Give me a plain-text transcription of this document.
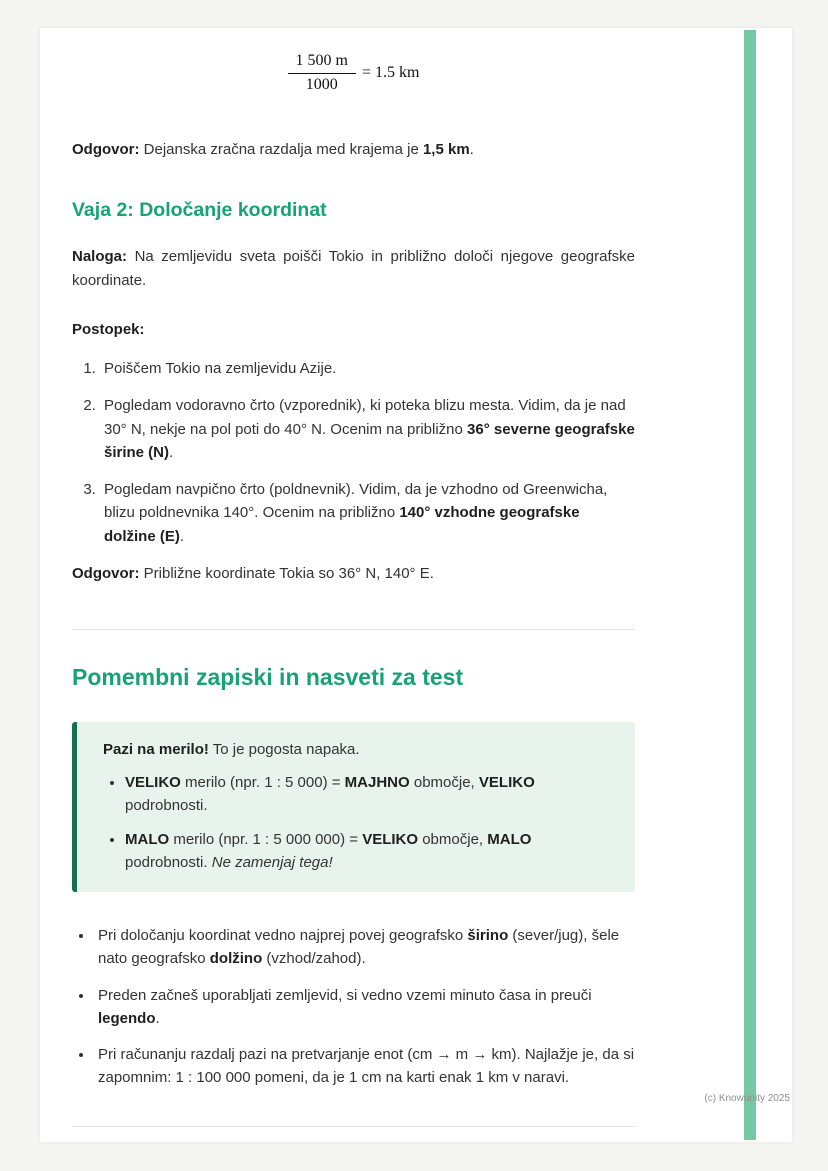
$\frac{1 500 m}{1000} = 1.5$ km

Odgovor: Dejanska zračna razdalja med krajema je 1,5 km.

Vaja 2: Določanje koordinat

Naloga: Na zemljevidu sveta poišči Tokio in približno določi njegove geografske koordinate.

Postopek:

1. Poiščem Tokio na zemljevidu Azije.
2. Pogledam vodoravno črto (vzporednik), ki poteka blizu mesta. Vidim, da je nad 30° N, nekje na pol poti do 40° N. Ocenim na približno 36° severne geografske širine (N).
3. Pogledam navpično črto (poldnevnik). Vidim, da je vzhodno od Greenwicha, blizu poldnevnika 140°. Ocenim na približno 140° vzhodne geografske dolžine (E).

Odgovor: Približne koordinate Tokia so 36° N, 140° E.

Pomembni zapiski in nasveti za test

Pazi na merilo! To je pogosta napaka.

• VELIKO merilo (npr. 1 : 5 000) = MAJHNO območje, VELIKO podrobnosti.
• MALO merilo (npr. 1 : 5 000 000) = VELIKO območje, MALO podrobnosti. Ne zamenjaj tega!
• Pri določanju koordinat vedno najprej povej geografsko širino (sever/jug), šele nato geografsko dolžino (vzhod/zahod).
• Preden začneš uporabljati zemljevid, si vedno vzemi minuto časa in preuči legendo.
• Pri računanju razdalj pazi na pretvarjanje enot (cm → m → km). Najlažje je, da si zapomnim: 1 : 100 000 pomeni, da je 1 cm na karti enak 1 km v naravi.
(c) Knowunity 2025
